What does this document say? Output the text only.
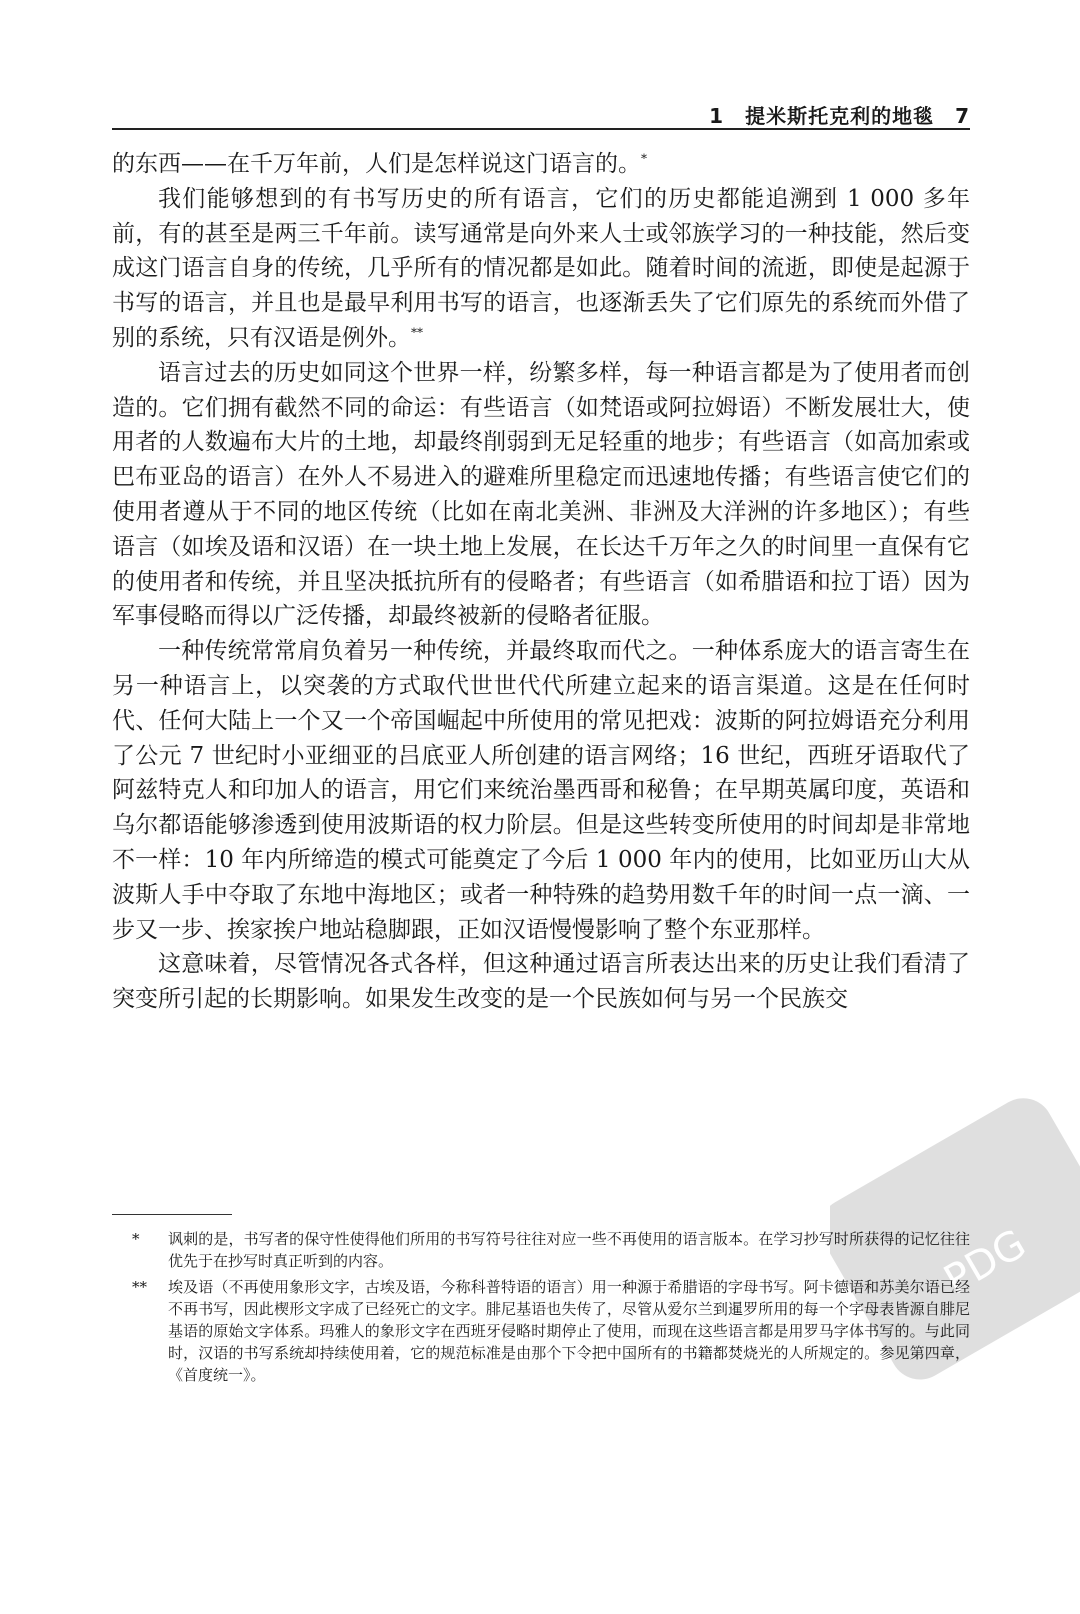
1　提米斯托克利的地毯　7

的东西——在千万年前，人们是怎样说这门语言的。*

我们能够想到的有书写历史的所有语言，它们的历史都能追溯到 1 000 多年前，有的甚至是两三千年前。读写通常是向外来人士或邻族学习的一种技能，然后变成这门语言自身的传统，几乎所有的情况都是如此。随着时间的流逝，即使是起源于书写的语言，并且也是最早利用书写的语言，也逐渐丢失了它们原先的系统而外借了别的系统，只有汉语是例外。**

语言过去的历史如同这个世界一样，纷繁多样，每一种语言都是为了使用者而创造的。它们拥有截然不同的命运：有些语言（如梵语或阿拉姆语）不断发展壮大，使用者的人数遍布大片的土地，却最终削弱到无足轻重的地步；有些语言（如高加索或巴布亚岛的语言）在外人不易进入的避难所里稳定而迅速地传播；有些语言使它们的使用者遵从于不同的地区传统（比如在南北美洲、非洲及大洋洲的许多地区）；有些语言（如埃及语和汉语）在一块土地上发展，在长达千万年之久的时间里一直保有它的使用者和传统，并且坚决抵抗所有的侵略者；有些语言（如希腊语和拉丁语）因为军事侵略而得以广泛传播，却最终被新的侵略者征服。

一种传统常常肩负着另一种传统，并最终取而代之。一种体系庞大的语言寄生在另一种语言上，以突袭的方式取代世世代代所建立起来的语言渠道。这是在任何时代、任何大陆上一个又一个帝国崛起中所使用的常见把戏：波斯的阿拉姆语充分利用了公元 7 世纪时小亚细亚的吕底亚人所创建的语言网络；16 世纪，西班牙语取代了阿兹特克人和印加人的语言，用它们来统治墨西哥和秘鲁；在早期英属印度，英语和乌尔都语能够渗透到使用波斯语的权力阶层。但是这些转变所使用的时间却是非常地不一样：10 年内所缔造的模式可能奠定了今后 1 000 年内的使用，比如亚历山大从波斯人手中夺取了东地中海地区；或者一种特殊的趋势用数千年的时间一点一滴、一步又一步、挨家挨户地站稳脚跟，正如汉语慢慢影响了整个东亚那样。

这意味着，尽管情况各式各样，但这种通过语言所表达出来的历史让我们看清了突变所引起的长期影响。如果发生改变的是一个民族如何与另一个民族交

* 讽刺的是，书写者的保守性使得他们所用的书写符号往往对应一些不再使用的语言版本。在学习抄写时所获得的记忆往往优先于在抄写时真正听到的内容。
** 埃及语（不再使用象形文字，古埃及语，今称科普特语的语言）用一种源于希腊语的字母书写。阿卡德语和苏美尔语已经不再书写，因此楔形文字成了已经死亡的文字。腓尼基语也失传了，尽管从爱尔兰到暹罗所用的每一个字母表皆源自腓尼基语的原始文字体系。玛雅人的象形文字在西班牙侵略时期停止了使用，而现在这些语言都是用罗马字体书写的。与此同时，汉语的书写系统却持续使用着，它的规范标准是由那个下令把中国所有的书籍都焚烧光的人所规定的。参见第四章，《首度统一》。
PDG
